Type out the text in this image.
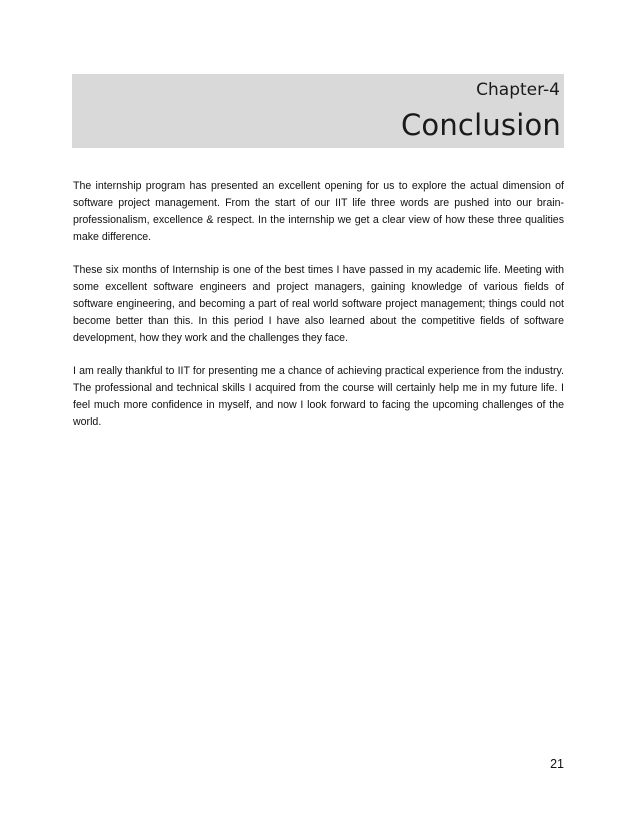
Chapter-4
Conclusion

The internship program has presented an excellent opening for us to explore the actual dimension of software project management. From the start of our IIT life three words are pushed into our brain- professionalism, excellence & respect. In the internship we get a clear view of how these three qualities make difference.

These six months of Internship is one of the best times I have passed in my academic life. Meeting with some excellent software engineers and project managers, gaining knowledge of various fields of software engineering, and becoming a part of real world software project management; things could not become better than this. In this period I have also learned about the competitive fields of software development, how they work and the challenges they face.

I am really thankful to IIT for presenting me a chance of achieving practical experience from the industry. The professional and technical skills I acquired from the course will certainly help me in my future life. I feel much more confidence in myself, and now I look forward to facing the upcoming challenges of the world.

21
